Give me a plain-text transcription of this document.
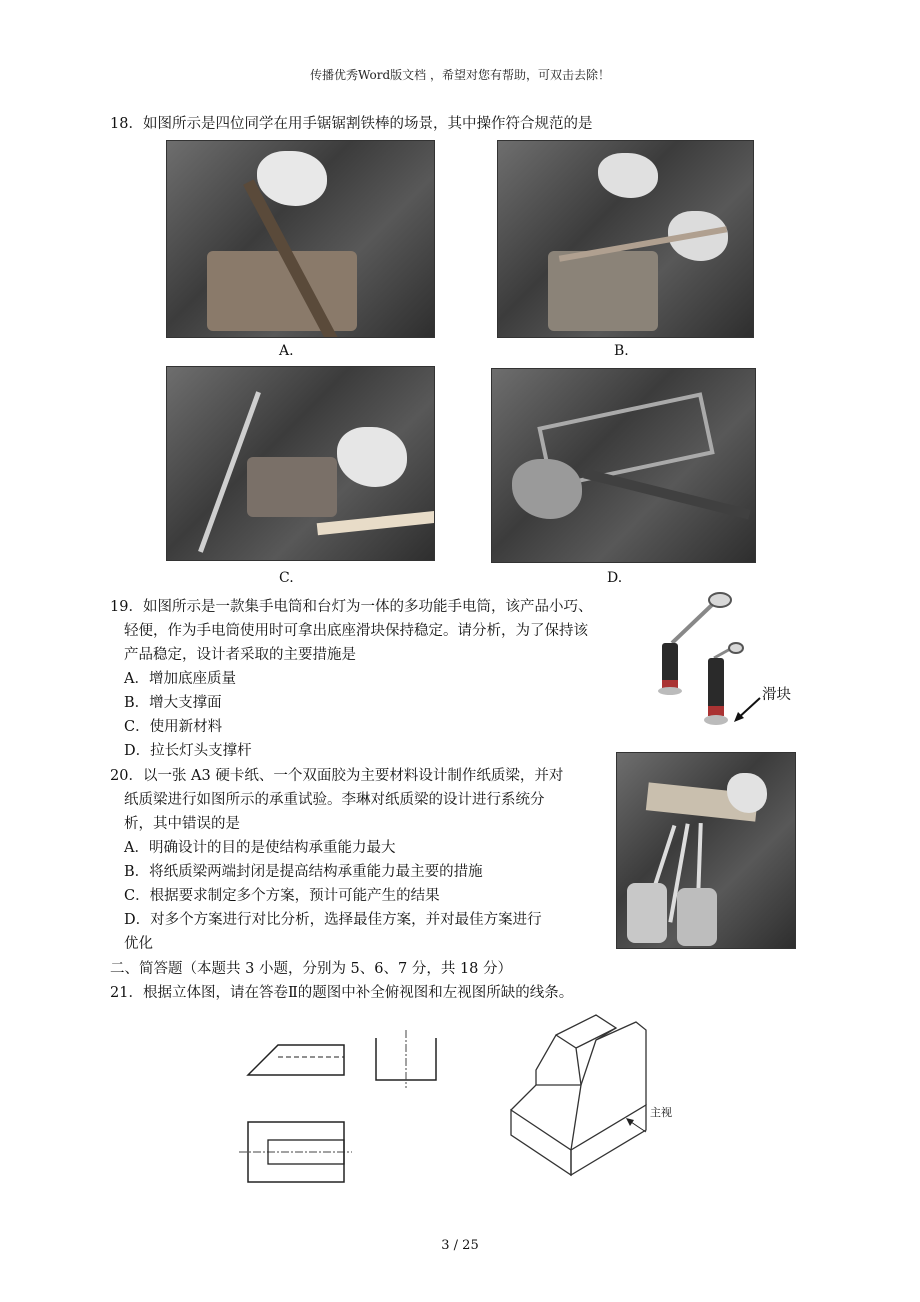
传播优秀Word版文档 ，希望对您有帮助，可双击去除！
18．如图所示是四位同学在用手锯锯割铁棒的场景，其中操作符合规范的是
A.	B.
C.	D.
19．如图所示是一款集手电筒和台灯为一体的多功能手电筒，该产品小巧、
轻便，作为手电筒使用时可拿出底座滑块保持稳定。请分析，为了保持该
产品稳定，设计者采取的主要措施是
A．增加底座质量
B．增大支撑面
C．使用新材料
D．拉长灯头支撑杆
滑块
20．以一张 A3 硬卡纸、一个双面胶为主要材料设计制作纸质梁，并对
纸质梁进行如图所示的承重试验。李琳对纸质梁的设计进行系统分
析，其中错误的是
A．明确设计的目的是使结构承重能力最大
B．将纸质梁两端封闭是提高结构承重能力最主要的措施
C．根据要求制定多个方案，预计可能产生的结果
D．对多个方案进行对比分析，选择最佳方案，并对最佳方案进行
优化
二、简答题（本题共 3 小题，分别为 5、6、7 分，共 18 分）
21．根据立体图，请在答卷Ⅱ的题图中补全俯视图和左视图所缺的线条。
主视
3 / 25
